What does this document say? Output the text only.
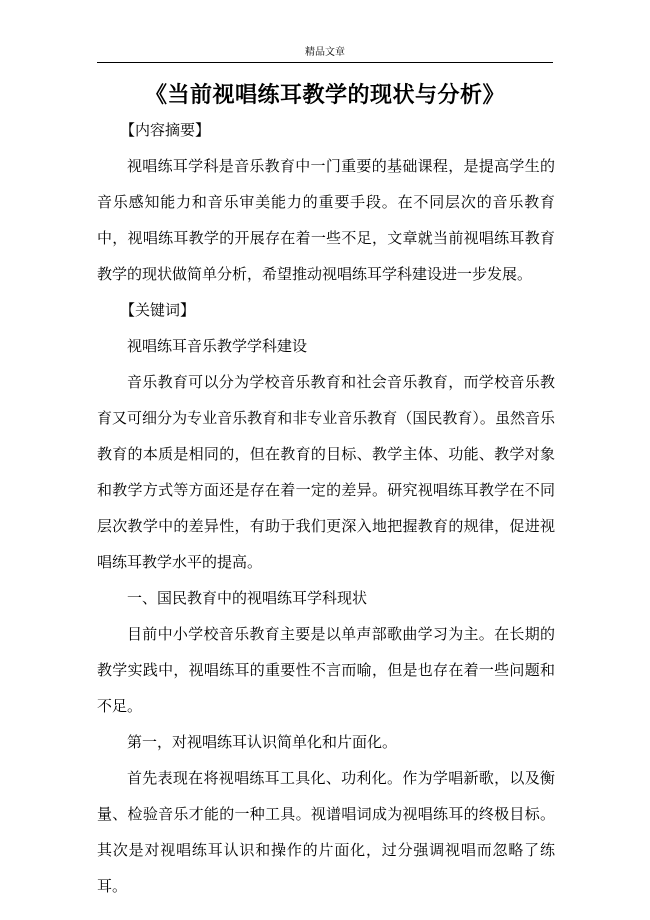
精品文章
《当前视唱练耳教学的现状与分析》

【内容摘要】

视唱练耳学科是音乐教育中一门重要的基础课程，是提高学生的音乐感知能力和音乐审美能力的重要手段。在不同层次的音乐教育中，视唱练耳教学的开展存在着一些不足，文章就当前视唱练耳教育教学的现状做简单分析，希望推动视唱练耳学科建设进一步发展。

【关键词】

视唱练耳音乐教学学科建设

音乐教育可以分为学校音乐教育和社会音乐教育，而学校音乐教育又可细分为专业音乐教育和非专业音乐教育（国民教育）。虽然音乐教育的本质是相同的，但在教育的目标、教学主体、功能、教学对象和教学方式等方面还是存在着一定的差异。研究视唱练耳教学在不同层次教学中的差异性，有助于我们更深入地把握教育的规律，促进视唱练耳教学水平的提高。

一、国民教育中的视唱练耳学科现状

目前中小学校音乐教育主要是以单声部歌曲学习为主。在长期的教学实践中，视唱练耳的重要性不言而喻，但是也存在着一些问题和不足。

第一，对视唱练耳认识简单化和片面化。

首先表现在将视唱练耳工具化、功利化。作为学唱新歌，以及衡量、检验音乐才能的一种工具。视谱唱词成为视唱练耳的终极目标。其次是对视唱练耳认识和操作的片面化，过分强调视唱而忽略了练耳。
